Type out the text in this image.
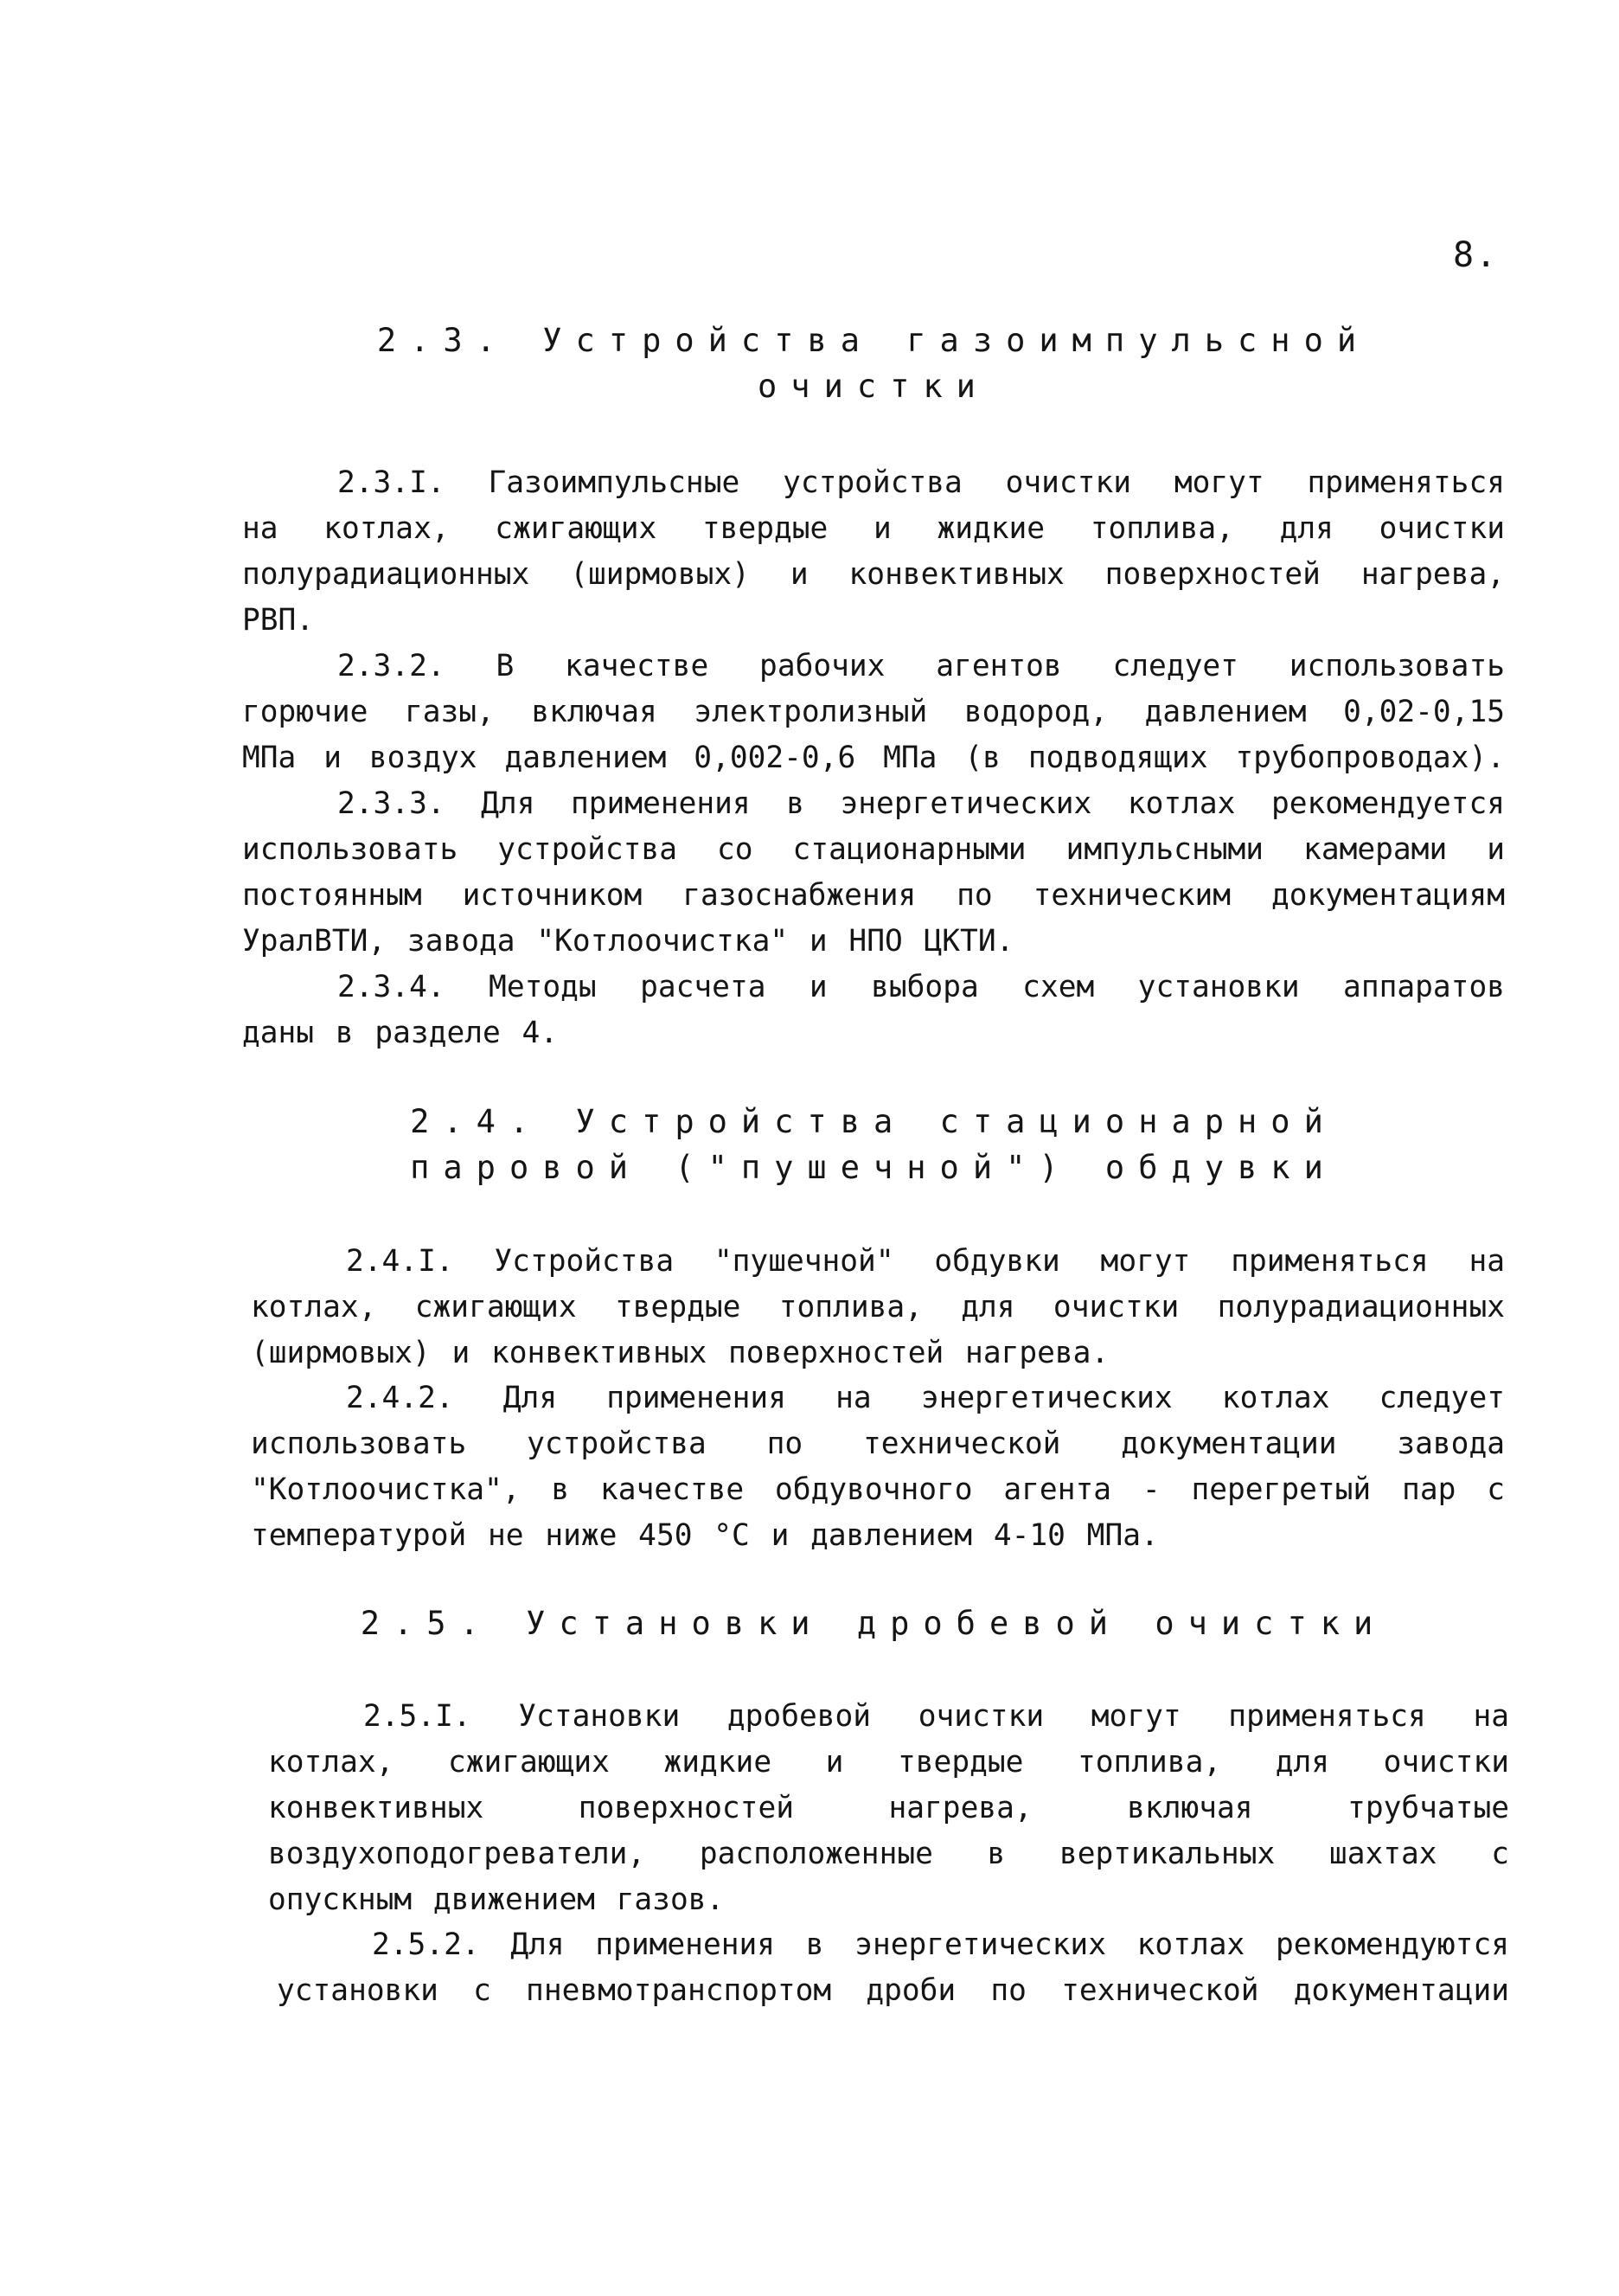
8.
2.3. Устройства газоимпульсной
очистки
2.3.I. Газоимпульсные устройства очистки могут применяться
на котлах, сжигающих твердые и жидкие топлива, для очистки
полурадиационных (ширмовых) и конвективных поверхностей нагрева,
РВП.
2.3.2. В качестве рабочих агентов следует использовать
горючие газы, включая электролизный водород, давлением 0,02-0,15
МПа и воздух давлением 0,002-0,6 МПа (в подводящих трубопроводах).
2.3.3. Для применения в энергетических котлах рекомендуется
использовать устройства со стационарными импульсными камерами и
постоянным источником газоснабжения по техническим документациям
УралВТИ, завода "Котлоочистка" и НПО ЦКТИ.
2.3.4. Методы расчета и выбора схем установки аппаратов
даны в разделе 4.
2.4. Устройства стационарной
паровой ("пушечной") обдувки
2.4.I. Устройства "пушечной" обдувки могут применяться на
котлах, сжигающих твердые топлива, для очистки полурадиационных
(ширмовых) и конвективных поверхностей нагрева.
2.4.2. Для применения на энергетических котлах следует
использовать устройства по технической документации завода
"Котлоочистка", в качестве обдувочного агента - перегретый пар с
температурой не ниже 450 °С и давлением 4-10 МПа.
2.5. Установки дробевой очистки
2.5.I. Установки дробевой очистки могут применяться на
котлах, сжигающих жидкие и твердые топлива, для очистки
конвективных поверхностей нагрева, включая трубчатые
воздухоподогреватели, расположенные в вертикальных шахтах с
опускным движением газов.
2.5.2. Для применения в энергетических котлах рекомендуются
установки с пневмотранспортом дроби по технической документации
